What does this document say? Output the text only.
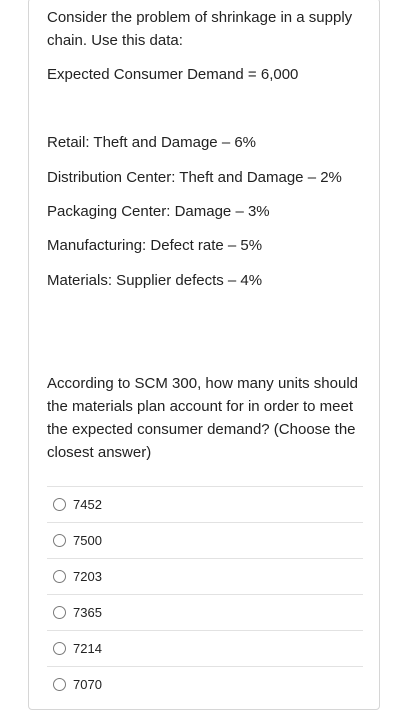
Consider the problem of shrinkage in a supply chain. Use this data:

Expected Consumer Demand = 6,000

Retail: Theft and Damage – 6%

Distribution Center: Theft and Damage – 2%

Packaging Center: Damage – 3%

Manufacturing: Defect rate – 5%

Materials: Supplier defects – 4%

According to SCM 300, how many units should the materials plan account for in order to meet the expected consumer demand? (Choose the closest answer)

7452
7500
7203
7365
7214
7070
